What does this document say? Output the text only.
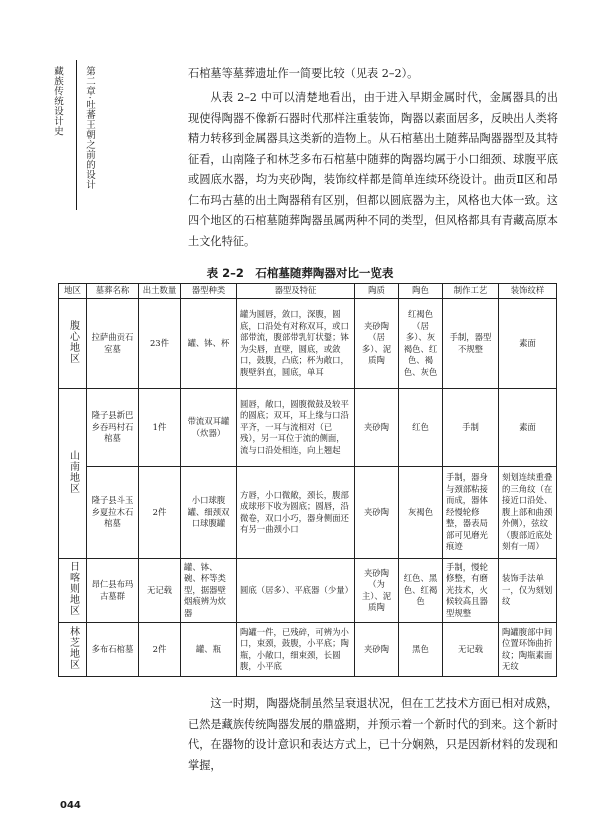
藏族传统设计史 第二章·吐蕃王朝之前的设计	石棺墓等墓葬遗址作一简要比较（见表 2–2）。

从表 2–2 中可以清楚地看出，由于进入早期金属时代，金属器具的出现使得陶器不像新石器时代那样注重装饰，陶器以素面居多，反映出人类将精力转移到金属器具这类新的造物上。从石棺墓出土随葬品陶器器型及其特征看，山南隆子和林芝多布石棺墓中随葬的陶器均属于小口细颈、球腹平底或圆底水器，均为夹砂陶，装饰纹样都是简单连续环绕设计。曲贡Ⅱ区和昂仁布玛古墓的出土陶器稍有区别，但都以圆底器为主，风格也大体一致。这四个地区的石棺墓随葬陶器虽属两种不同的类型，但风格都具有青藏高原本土文化特征。

表 2–2　石棺墓随葬陶器对比一览表
地区	墓葬名称	出土数量	器型种类	器型及特征	陶质	陶色	制作工艺	装饰纹样
腹心地区	拉萨曲贡石室墓	23件	罐、钵、杯	罐为圆唇，敛口，深腹，圆底，口沿处有对称双耳，或口部带流，腹部带乳钉状鋬；钵为尖唇，直壁，圆底，或敛口，鼓腹，凸底；杯为敞口，腹壁斜直，圆底，单耳	夹砂陶（居多）、泥质陶	红褐色（居多）、灰褐色、红色、褐色、灰色	手制，器型不规整	素面
山南地区	隆子县新巴乡吞玛村石棺墓	1件	带流双耳罐（炊器）	圆唇，敞口，圆腹微鼓及较平的圆底；双耳，耳上缘与口沿平齐，一耳与流相对（已残），另一耳位于流的侧面，流与口沿处相连，向上翘起	夹砂陶	红色	手制	素面
	隆子县斗玉乡夏拉木石棺墓	2件	小口球腹罐、细颈双口球腹罐	方唇，小口微敞，颈长，腹部成球形下收为圆底；圆唇，沿微卷，双口小巧，器身侧面还有另一曲颈小口	夹砂陶	灰褐色	手制，器身与颈部粘接而成，器体经慢轮修整，器表局部可见磨光痕迹	刻划连续重叠的三角纹（在接近口沿处、腹上部和曲颈外侧），弦纹（腹部近底处刻有一周）
日喀则地区	昂仁县布玛古墓群	无记载	罐、钵、碗、杯等类型，据器壁烟痕辨为炊器	圆底（居多）、平底器（少量）	夹砂陶（为主）、泥质陶	红色、黑色、红褐色	手制，慢轮修整，有磨光技术，火候较高且器型规整	装饰手法单一，仅为刻划纹
林芝地区	多布石棺墓	2件	罐、瓶	陶罐一件，已残碎，可辨为小口，束颈，鼓腹，小平底；陶瓶，小敞口，细束颈，长圆腹，小平底	夹砂陶	黑色	无记载	陶罐腹部中间位置环饰曲折纹；陶瓶素面无纹

这一时期，陶器烧制虽然呈衰退状况，但在工艺技术方面已相对成熟，已然是藏族传统陶器发展的鼎盛期，并预示着一个新时代的到来。这个新时代，在器物的设计意识和表达方式上，已十分娴熟，只是因新材料的发现和掌握，

044
